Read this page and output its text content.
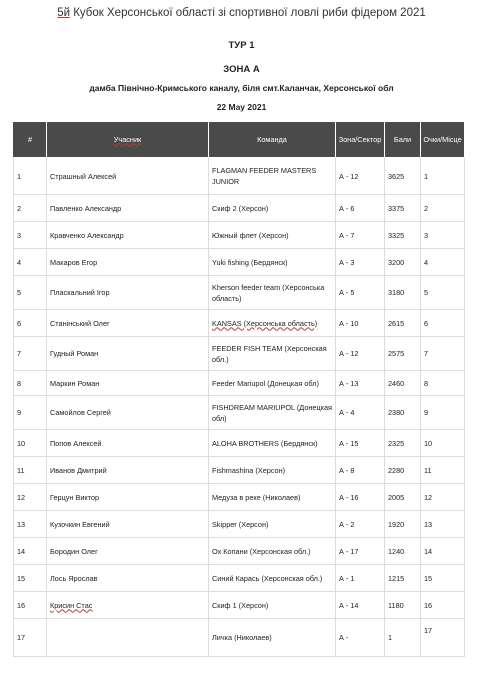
5й Кубок Херсонської області зі спортивної ловлі риби фідером 2021
ТУР 1
ЗОНА А
дамба Північно-Кримського каналу, біля смт.Каланчак, Херсонської обл
22 May 2021
#	Учасник	Команда	Зона/Сектор	Бали	Очки/Місце
1	Страшный Алексей	FLAGMAN FEEDER MASTERS JUNIOR	А - 12	3625	1
2	Павленко Александр	Скиф 2 (Херсон)	А - 6	3375	2
3	Кравченко Александр	Южный флет (Херсон)	А - 7	3325	3
4	Макаров Егор	Yuki fishing (Бердянск)	А - 3	3200	4
5	Пласкальний Ігор	Kherson feeder team (Херсонська область)	А - 5	3180	5
6	Станінський Олег	KANSAS (Херсонська область)	А - 10	2615	6
7	Гудный Роман	FEEDER FISH TEAM (Херсонская обл.)	А - 12	2575	7
8	Маркин Роман	Feeder Mariupol (Донецкая обл)	А - 13	2460	8
9	Самойлов Сергей	FISHDREAM MARIUPOL (Донецкая обл)	А - 4	2380	9
10	Попов Алексей	ALOHA BROTHERS (Бердянск)	А - 15	2325	10
11	Иванов Дмитрий	Fishmashina (Херсон)	А - 8	2280	11
12	Герцун Виктор	Медуза в реке (Николаев)	А - 16	2005	12
13	Кузочкин Евгений	Skipper (Херсон)	А - 2	1920	13
14	Бородин Олег	Ох Копани (Херсонская обл.)	А - 17	1240	14
15	Лось Ярослав	Синий Карась (Херсонская обл.)	А - 1	1215	15
16	Крисин Стас	Скиф 1 (Херсон)	А - 14	1180	16
17		Личка (Николаев)	А -	1	17
